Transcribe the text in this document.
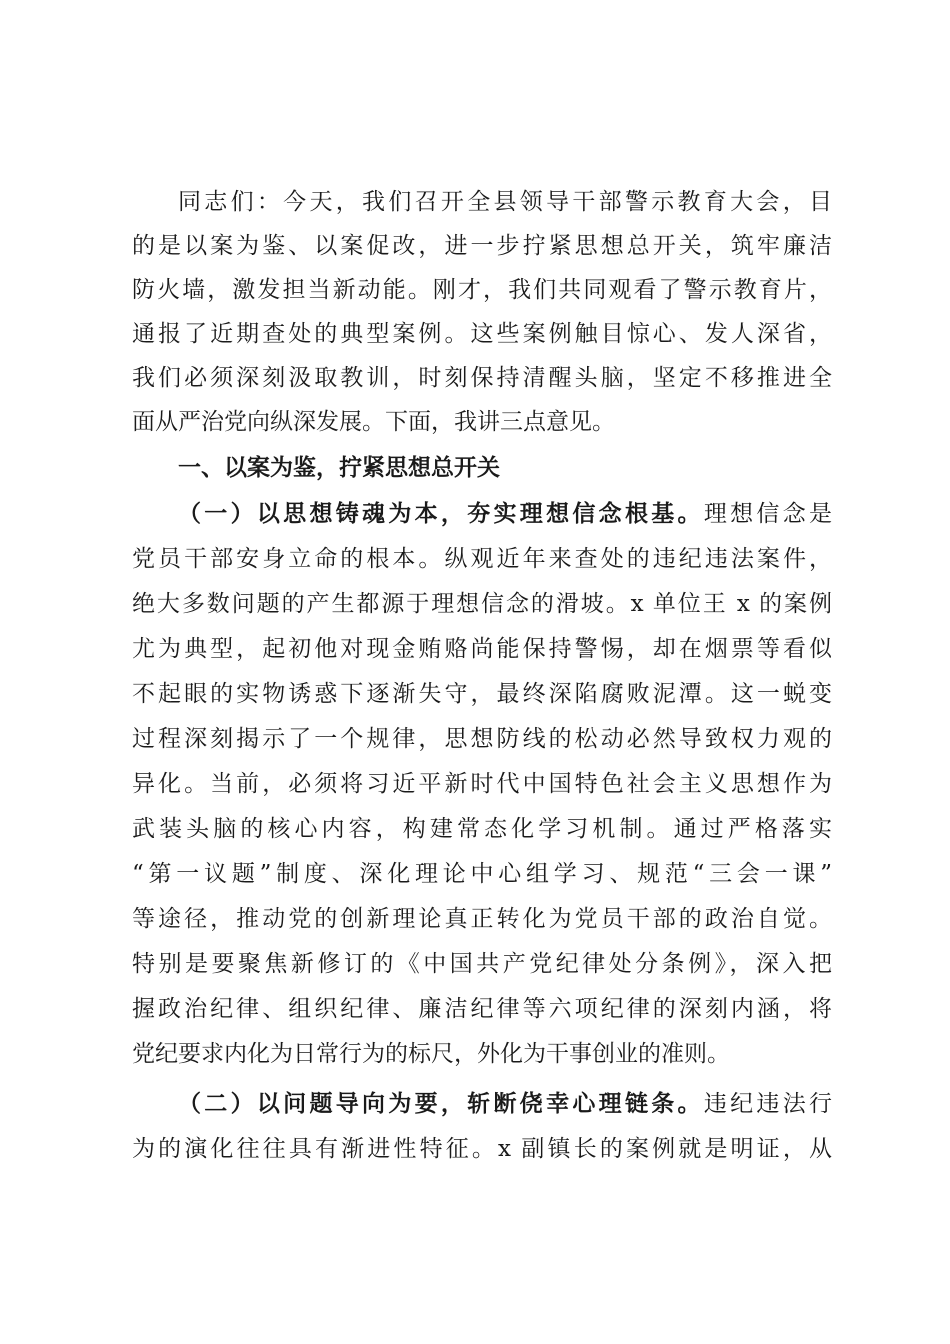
同志们：今天，我们召开全县领导干部警示教育大会，目
的是以案为鉴、以案促改，进一步拧紧思想总开关，筑牢廉洁
防火墙，激发担当新动能。刚才，我们共同观看了警示教育片，
通报了近期查处的典型案例。这些案例触目惊心、发人深省，
我们必须深刻汲取教训，时刻保持清醒头脑，坚定不移推进全
面从严治党向纵深发展。下面，我讲三点意见。
一、以案为鉴，拧紧思想总开关
（一）以思想铸魂为本，夯实理想信念根基。理想信念是
党员干部安身立命的根本。纵观近年来查处的违纪违法案件，
绝大多数问题的产生都源于理想信念的滑坡。x 单位王 x 的案例
尤为典型，起初他对现金贿赂尚能保持警惕，却在烟票等看似
不起眼的实物诱惑下逐渐失守，最终深陷腐败泥潭。这一蜕变
过程深刻揭示了一个规律，思想防线的松动必然导致权力观的
异化。当前，必须将习近平新时代中国特色社会主义思想作为
武装头脑的核心内容，构建常态化学习机制。通过严格落实
“第一议题”制度、深化理论中心组学习、规范“三会一课”
等途径，推动党的创新理论真正转化为党员干部的政治自觉。
特别是要聚焦新修订的《中国共产党纪律处分条例》，深入把
握政治纪律、组织纪律、廉洁纪律等六项纪律的深刻内涵，将
党纪要求内化为日常行为的标尺，外化为干事创业的准则。
（二）以问题导向为要，斩断侥幸心理链条。违纪违法行
为的演化往往具有渐进性特征。x 副镇长的案例就是明证，从
